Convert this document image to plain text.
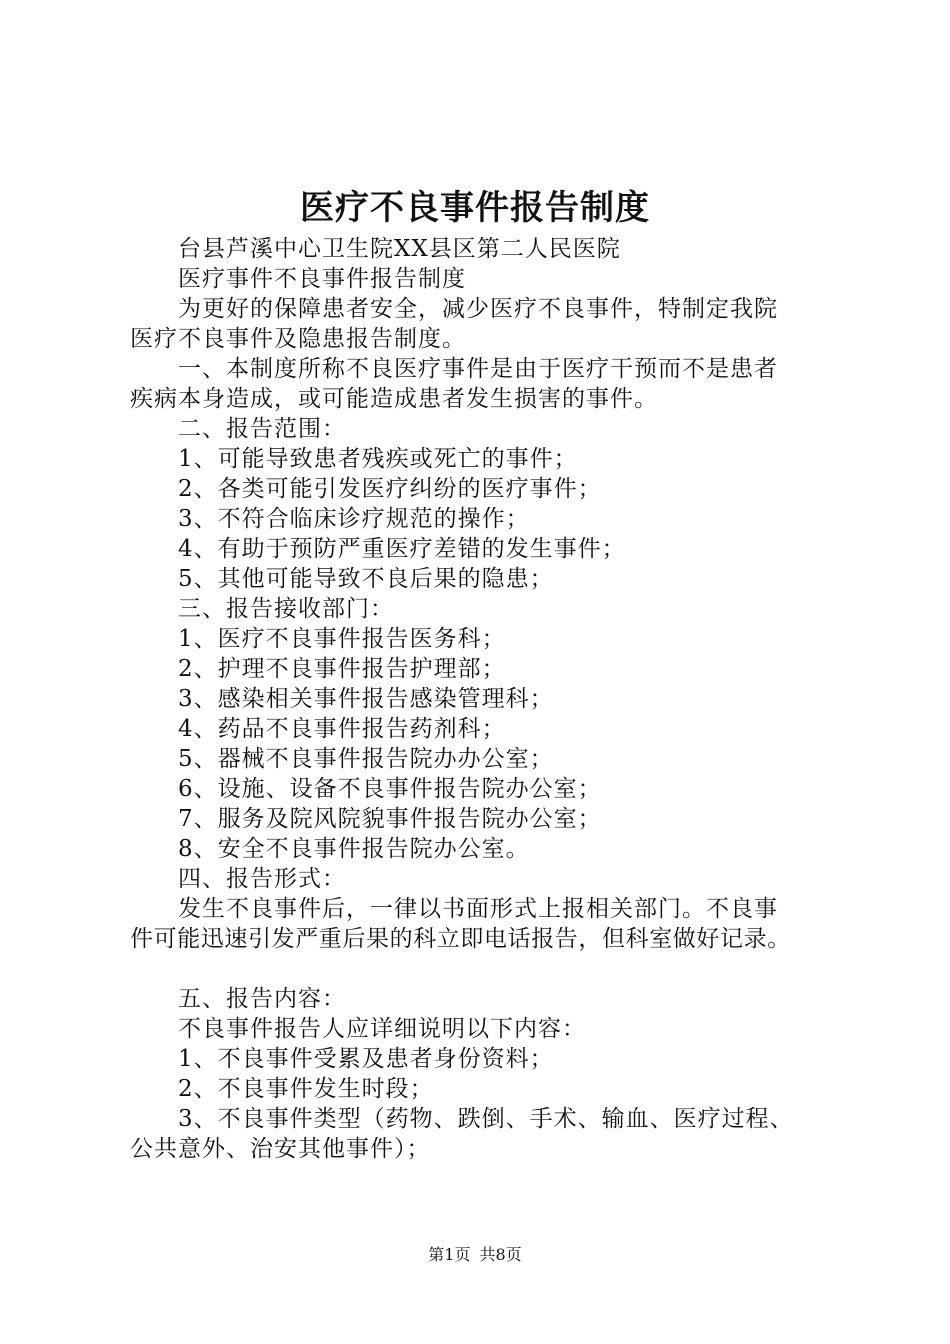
医疗不良事件报告制度

台县芦溪中心卫生院XX县区第二人民医院

医疗事件不良事件报告制度

为更好的保障患者安全，减少医疗不良事件，特制定我院

医疗不良事件及隐患报告制度。

一、本制度所称不良医疗事件是由于医疗干预而不是患者

疾病本身造成，或可能造成患者发生损害的事件。

二、报告范围：

1、可能导致患者残疾或死亡的事件；

2、各类可能引发医疗纠纷的医疗事件；

3、不符合临床诊疗规范的操作；

4、有助于预防严重医疗差错的发生事件；

5、其他可能导致不良后果的隐患；

三、报告接收部门：

1、医疗不良事件报告医务科；

2、护理不良事件报告护理部；

3、感染相关事件报告感染管理科；

4、药品不良事件报告药剂科；

5、器械不良事件报告院办办公室；

6、设施、设备不良事件报告院办公室；

7、服务及院风院貌事件报告院办公室；

8、安全不良事件报告院办公室。

四、报告形式：

发生不良事件后，一律以书面形式上报相关部门。不良事

件可能迅速引发严重后果的科立即电话报告，但科室做好记录。

五、报告内容：

不良事件报告人应详细说明以下内容：

1、不良事件受累及患者身份资料；

2、不良事件发生时段；

3、不良事件类型（药物、跌倒、手术、输血、医疗过程、

公共意外、治安其他事件）；

第1页 共8页
